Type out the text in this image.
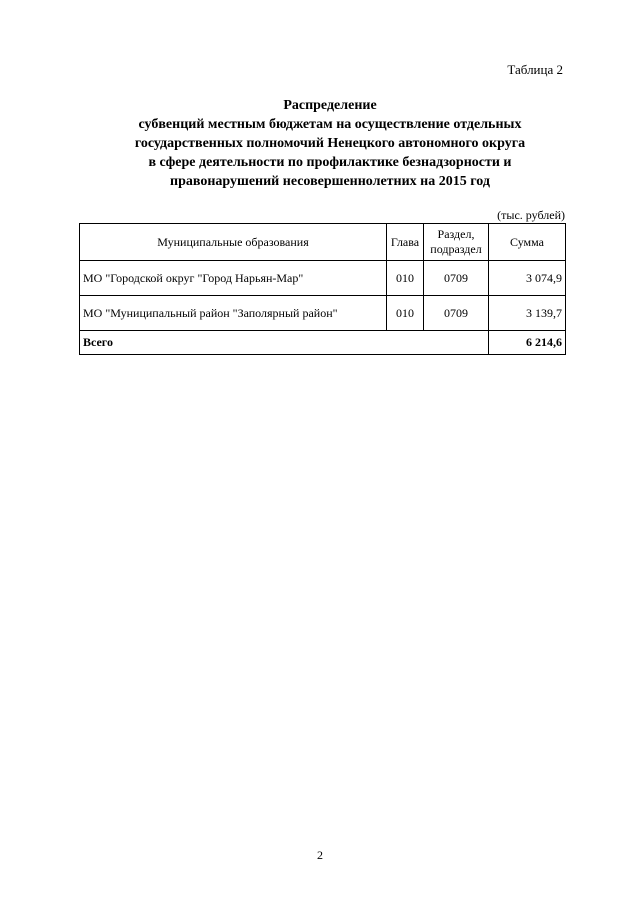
Таблица 2
Распределение
субвенций местным бюджетам на осуществление отдельных
государственных полномочий Ненецкого автономного округа
в сфере деятельности по профилактике безнадзорности и
правонарушений несовершеннолетних на 2015 год
(тыс. рублей)
Муниципальные образования	Глава	Раздел, подраздел	Сумма
МО "Городской округ "Город Нарьян-Мар"	010	0709	3 074,9
МО "Муниципальный район "Заполярный район"	010	0709	3 139,7
Всего			6 214,6
2
